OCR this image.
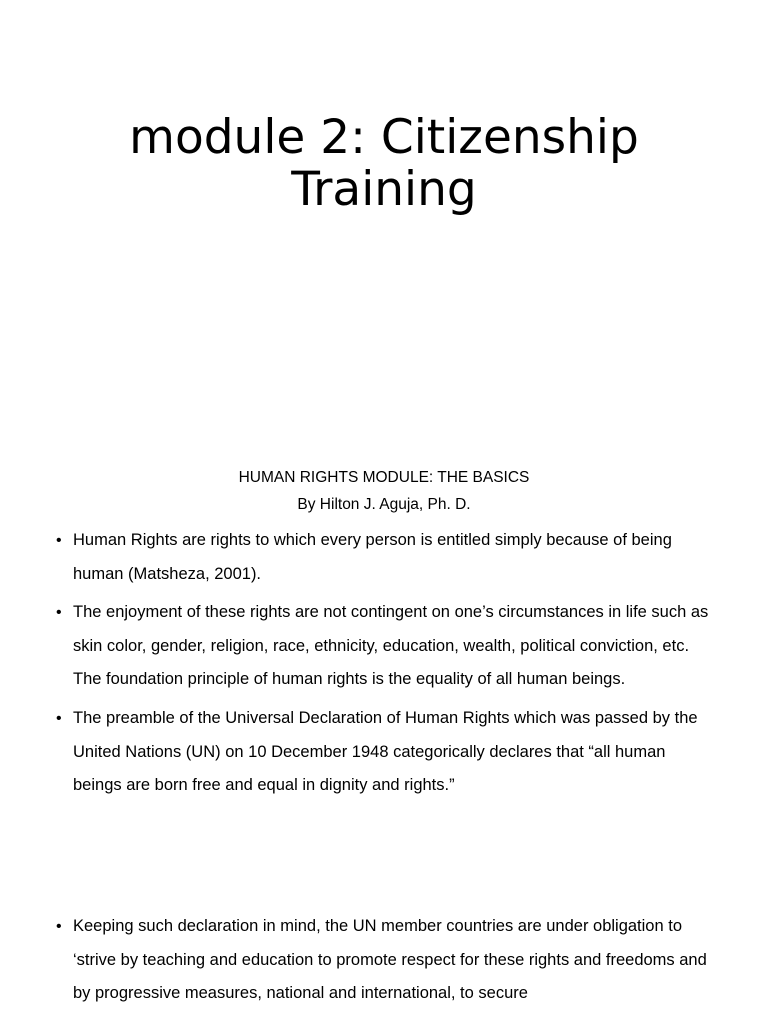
module 2: Citizenship
Training
HUMAN RIGHTS MODULE: THE BASICS
By Hilton J. Aguja, Ph. D.
• Human Rights are rights to which every person is entitled simply because of being human (Matsheza, 2001).
• The enjoyment of these rights are not contingent on one’s circumstances in life such as skin color, gender, religion, race, ethnicity, education, wealth, political conviction, etc. The foundation principle of human rights is the equality of all human beings.
• The preamble of the Universal Declaration of Human Rights which was passed by the United Nations (UN) on 10 December 1948 categorically declares that “all human beings are born free and equal in dignity and rights.”
• Keeping such declaration in mind, the UN member countries are under obligation to ‘strive by teaching and education to promote respect for these rights and freedoms and by progressive measures, national and international, to secure
